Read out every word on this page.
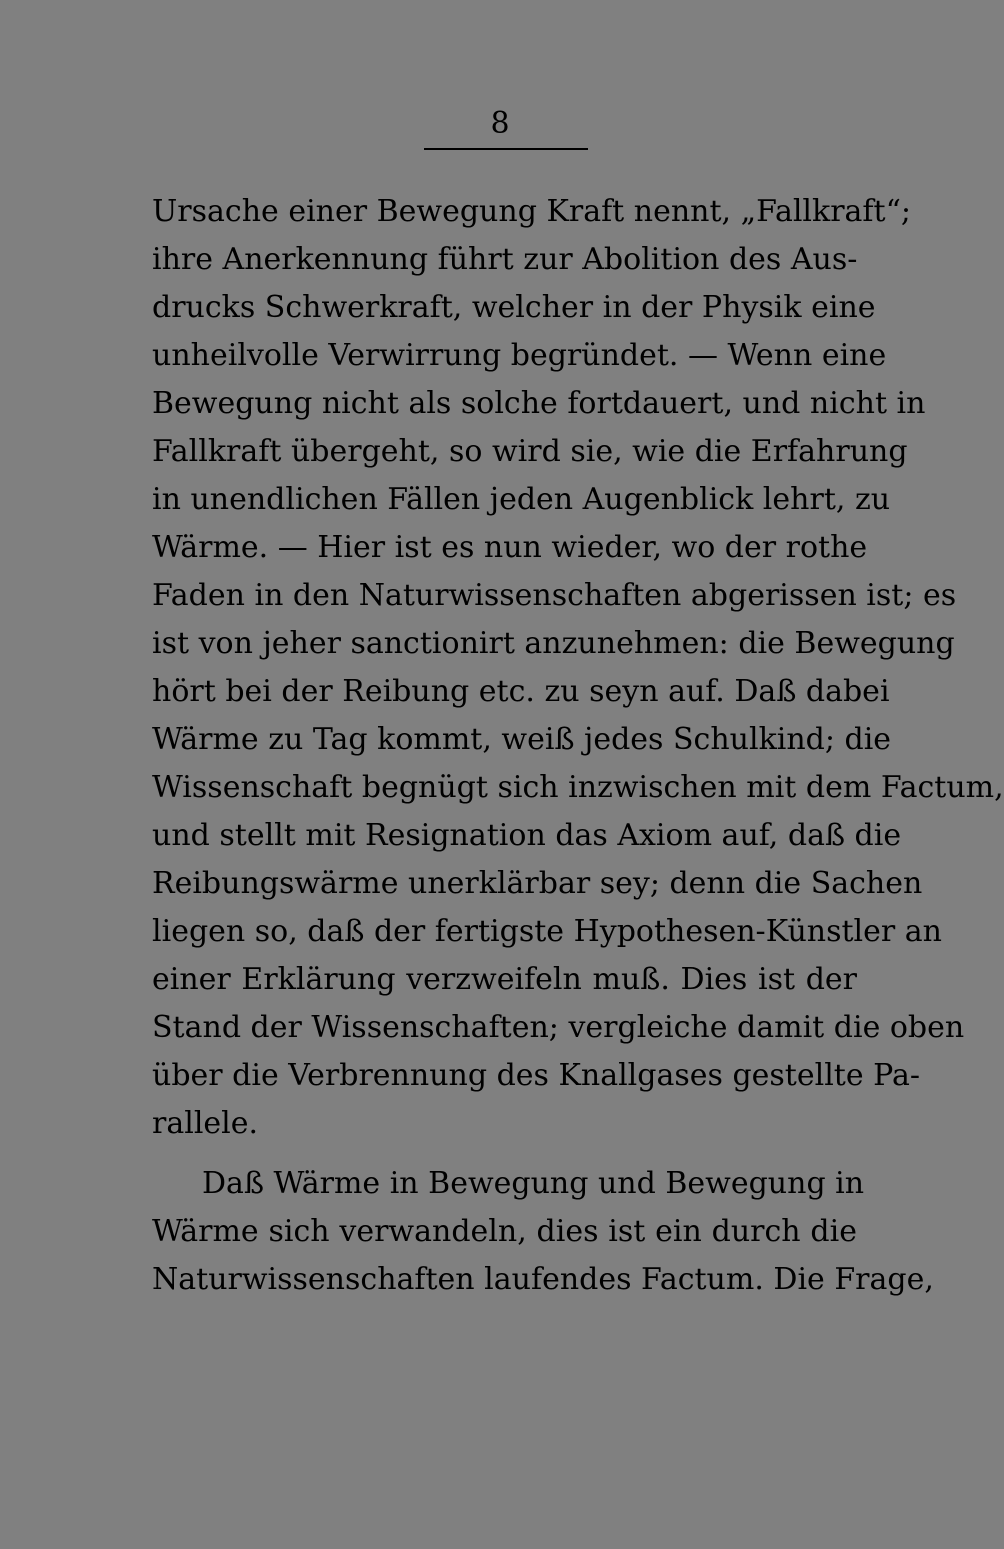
8
Ursache einer Bewegung Kraft nennt, „Fallkraft“;
ihre Anerkennung führt zur Abolition des Aus-
drucks Schwerkraft, welcher in der Physik eine
unheilvolle Verwirrung begründet. — Wenn eine
Bewegung nicht als solche fortdauert, und nicht in
Fallkraft übergeht, so wird sie, wie die Erfahrung
in unendlichen Fällen jeden Augenblick lehrt, zu
Wärme. — Hier ist es nun wieder, wo der rothe
Faden in den Naturwissenschaften abgerissen ist; es
ist von jeher sanctionirt anzunehmen: die Bewegung
hört bei der Reibung etc. zu seyn auf. Daß dabei
Wärme zu Tag kommt, weiß jedes Schulkind; die
Wissenschaft begnügt sich inzwischen mit dem Factum,
und stellt mit Resignation das Axiom auf, daß die
Reibungswärme unerklärbar sey; denn die Sachen
liegen so, daß der fertigste Hypothesen-Künstler an
einer Erklärung verzweifeln muß. Dies ist der
Stand der Wissenschaften; vergleiche damit die oben
über die Verbrennung des Knallgases gestellte Pa-
rallele.
Daß Wärme in Bewegung und Bewegung in
Wärme sich verwandeln, dies ist ein durch die
Naturwissenschaften laufendes Factum. Die Frage,
